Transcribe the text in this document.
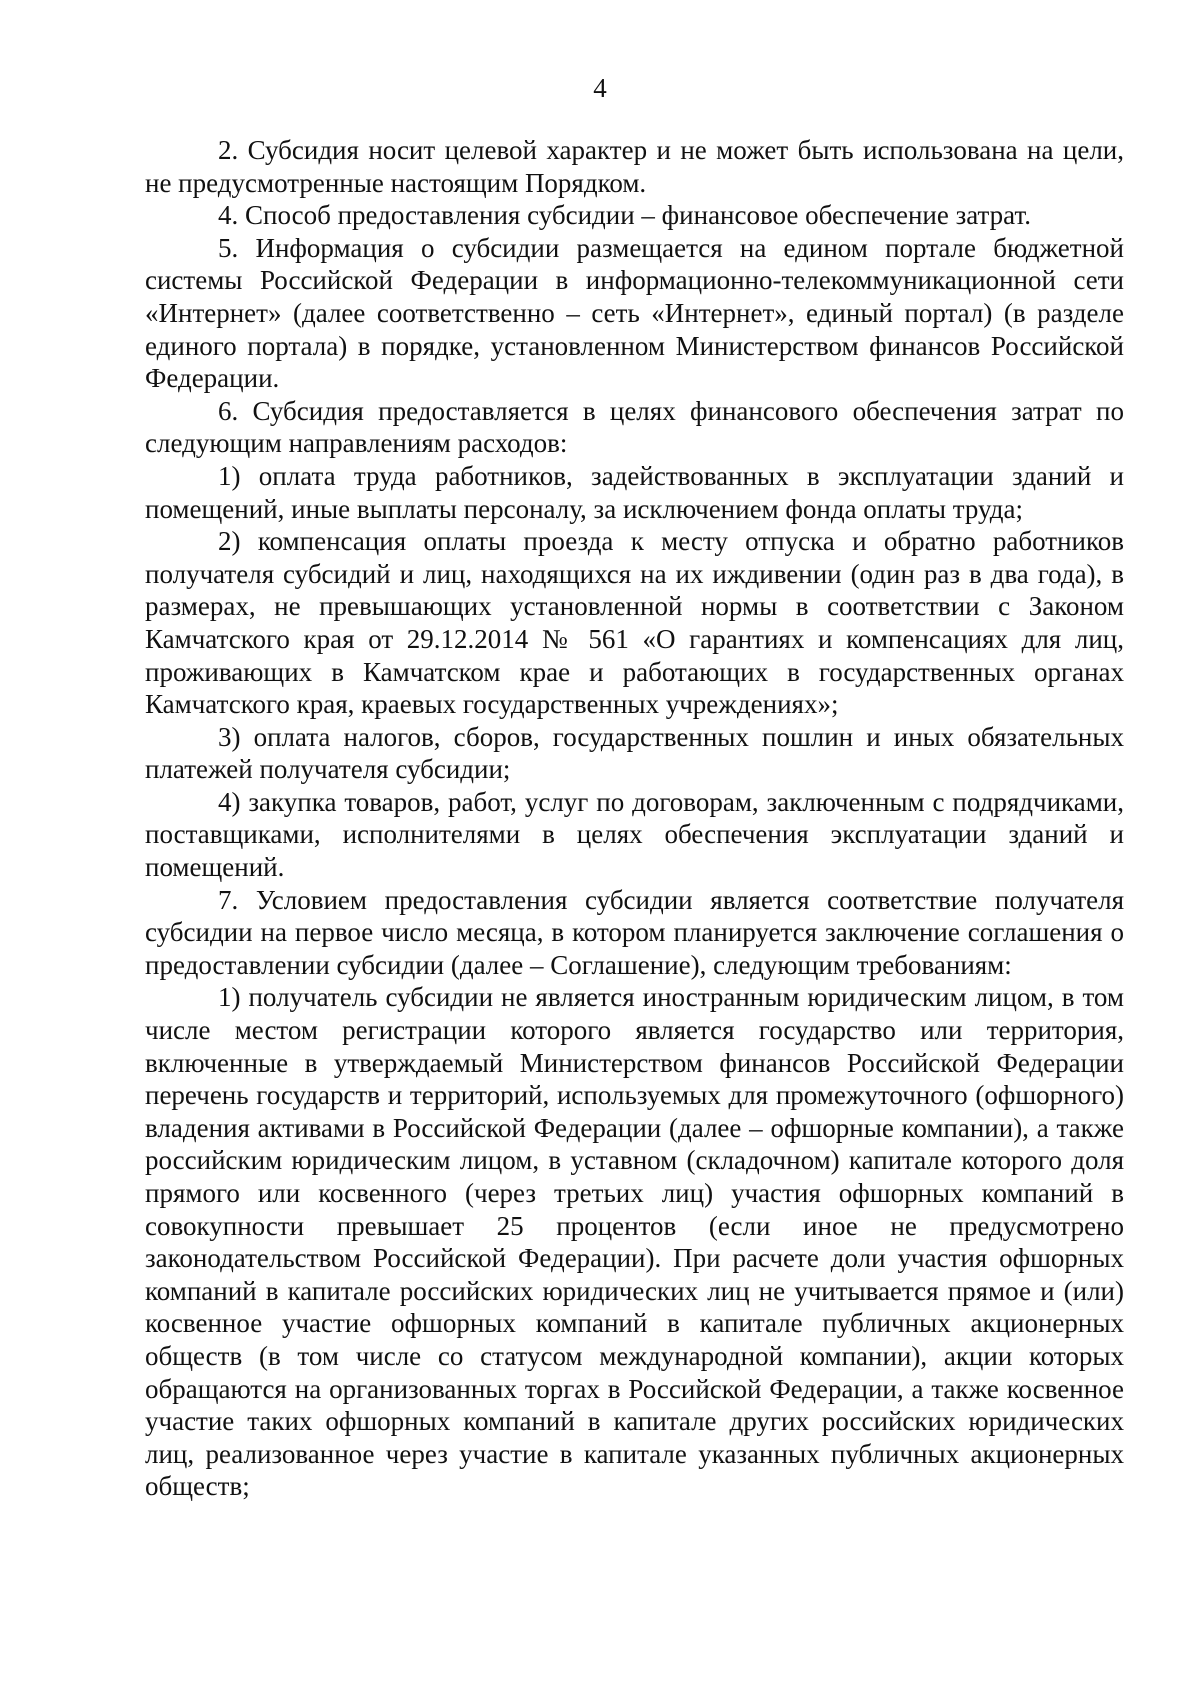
4

2. Субсидия носит целевой характер и не может быть использована на цели, не предусмотренные настоящим Порядком.

4. Способ предоставления субсидии – финансовое обеспечение затрат.

5. Информация о субсидии размещается на едином портале бюджетной системы Российской Федерации в информационно-телекоммуникационной сети «Интернет» (далее соответственно – сеть «Интернет», единый портал) (в разделе единого портала) в порядке, установленном Министерством финансов Российской Федерации.

6. Субсидия предоставляется в целях финансового обеспечения затрат по следующим направлениям расходов:

1) оплата труда работников, задействованных в эксплуатации зданий и помещений, иные выплаты персоналу, за исключением фонда оплаты труда;

2) компенсация оплаты проезда к месту отпуска и обратно работников получателя субсидий и лиц, находящихся на их иждивении (один раз в два года), в размерах, не превышающих установленной нормы в соответствии с Законом Камчатского края от 29.12.2014 № 561 «О гарантиях и компенсациях для лиц, проживающих в Камчатском крае и работающих в государственных органах Камчатского края, краевых государственных учреждениях»;

3) оплата налогов, сборов, государственных пошлин и иных обязательных платежей получателя субсидии;

4) закупка товаров, работ, услуг по договорам, заключенным с подрядчиками, поставщиками, исполнителями в целях обеспечения эксплуатации зданий и помещений.

7. Условием предоставления субсидии является соответствие получателя субсидии на первое число месяца, в котором планируется заключение соглашения о предоставлении субсидии (далее – Соглашение), следующим требованиям:

1) получатель субсидии не является иностранным юридическим лицом, в том числе местом регистрации которого является государство или территория, включенные в утверждаемый Министерством финансов Российской Федерации перечень государств и территорий, используемых для промежуточного (офшорного) владения активами в Российской Федерации (далее – офшорные компании), а также российским юридическим лицом, в уставном (складочном) капитале которого доля прямого или косвенного (через третьих лиц) участия офшорных компаний в совокупности превышает 25 процентов (если иное не предусмотрено законодательством Российской Федерации). При расчете доли участия офшорных компаний в капитале российских юридических лиц не учитывается прямое и (или) косвенное участие офшорных компаний в капитале публичных акционерных обществ (в том числе со статусом международной компании), акции которых обращаются на организованных торгах в Российской Федерации, а также косвенное участие таких офшорных компаний в капитале других российских юридических лиц, реализованное через участие в капитале указанных публичных акционерных обществ;
